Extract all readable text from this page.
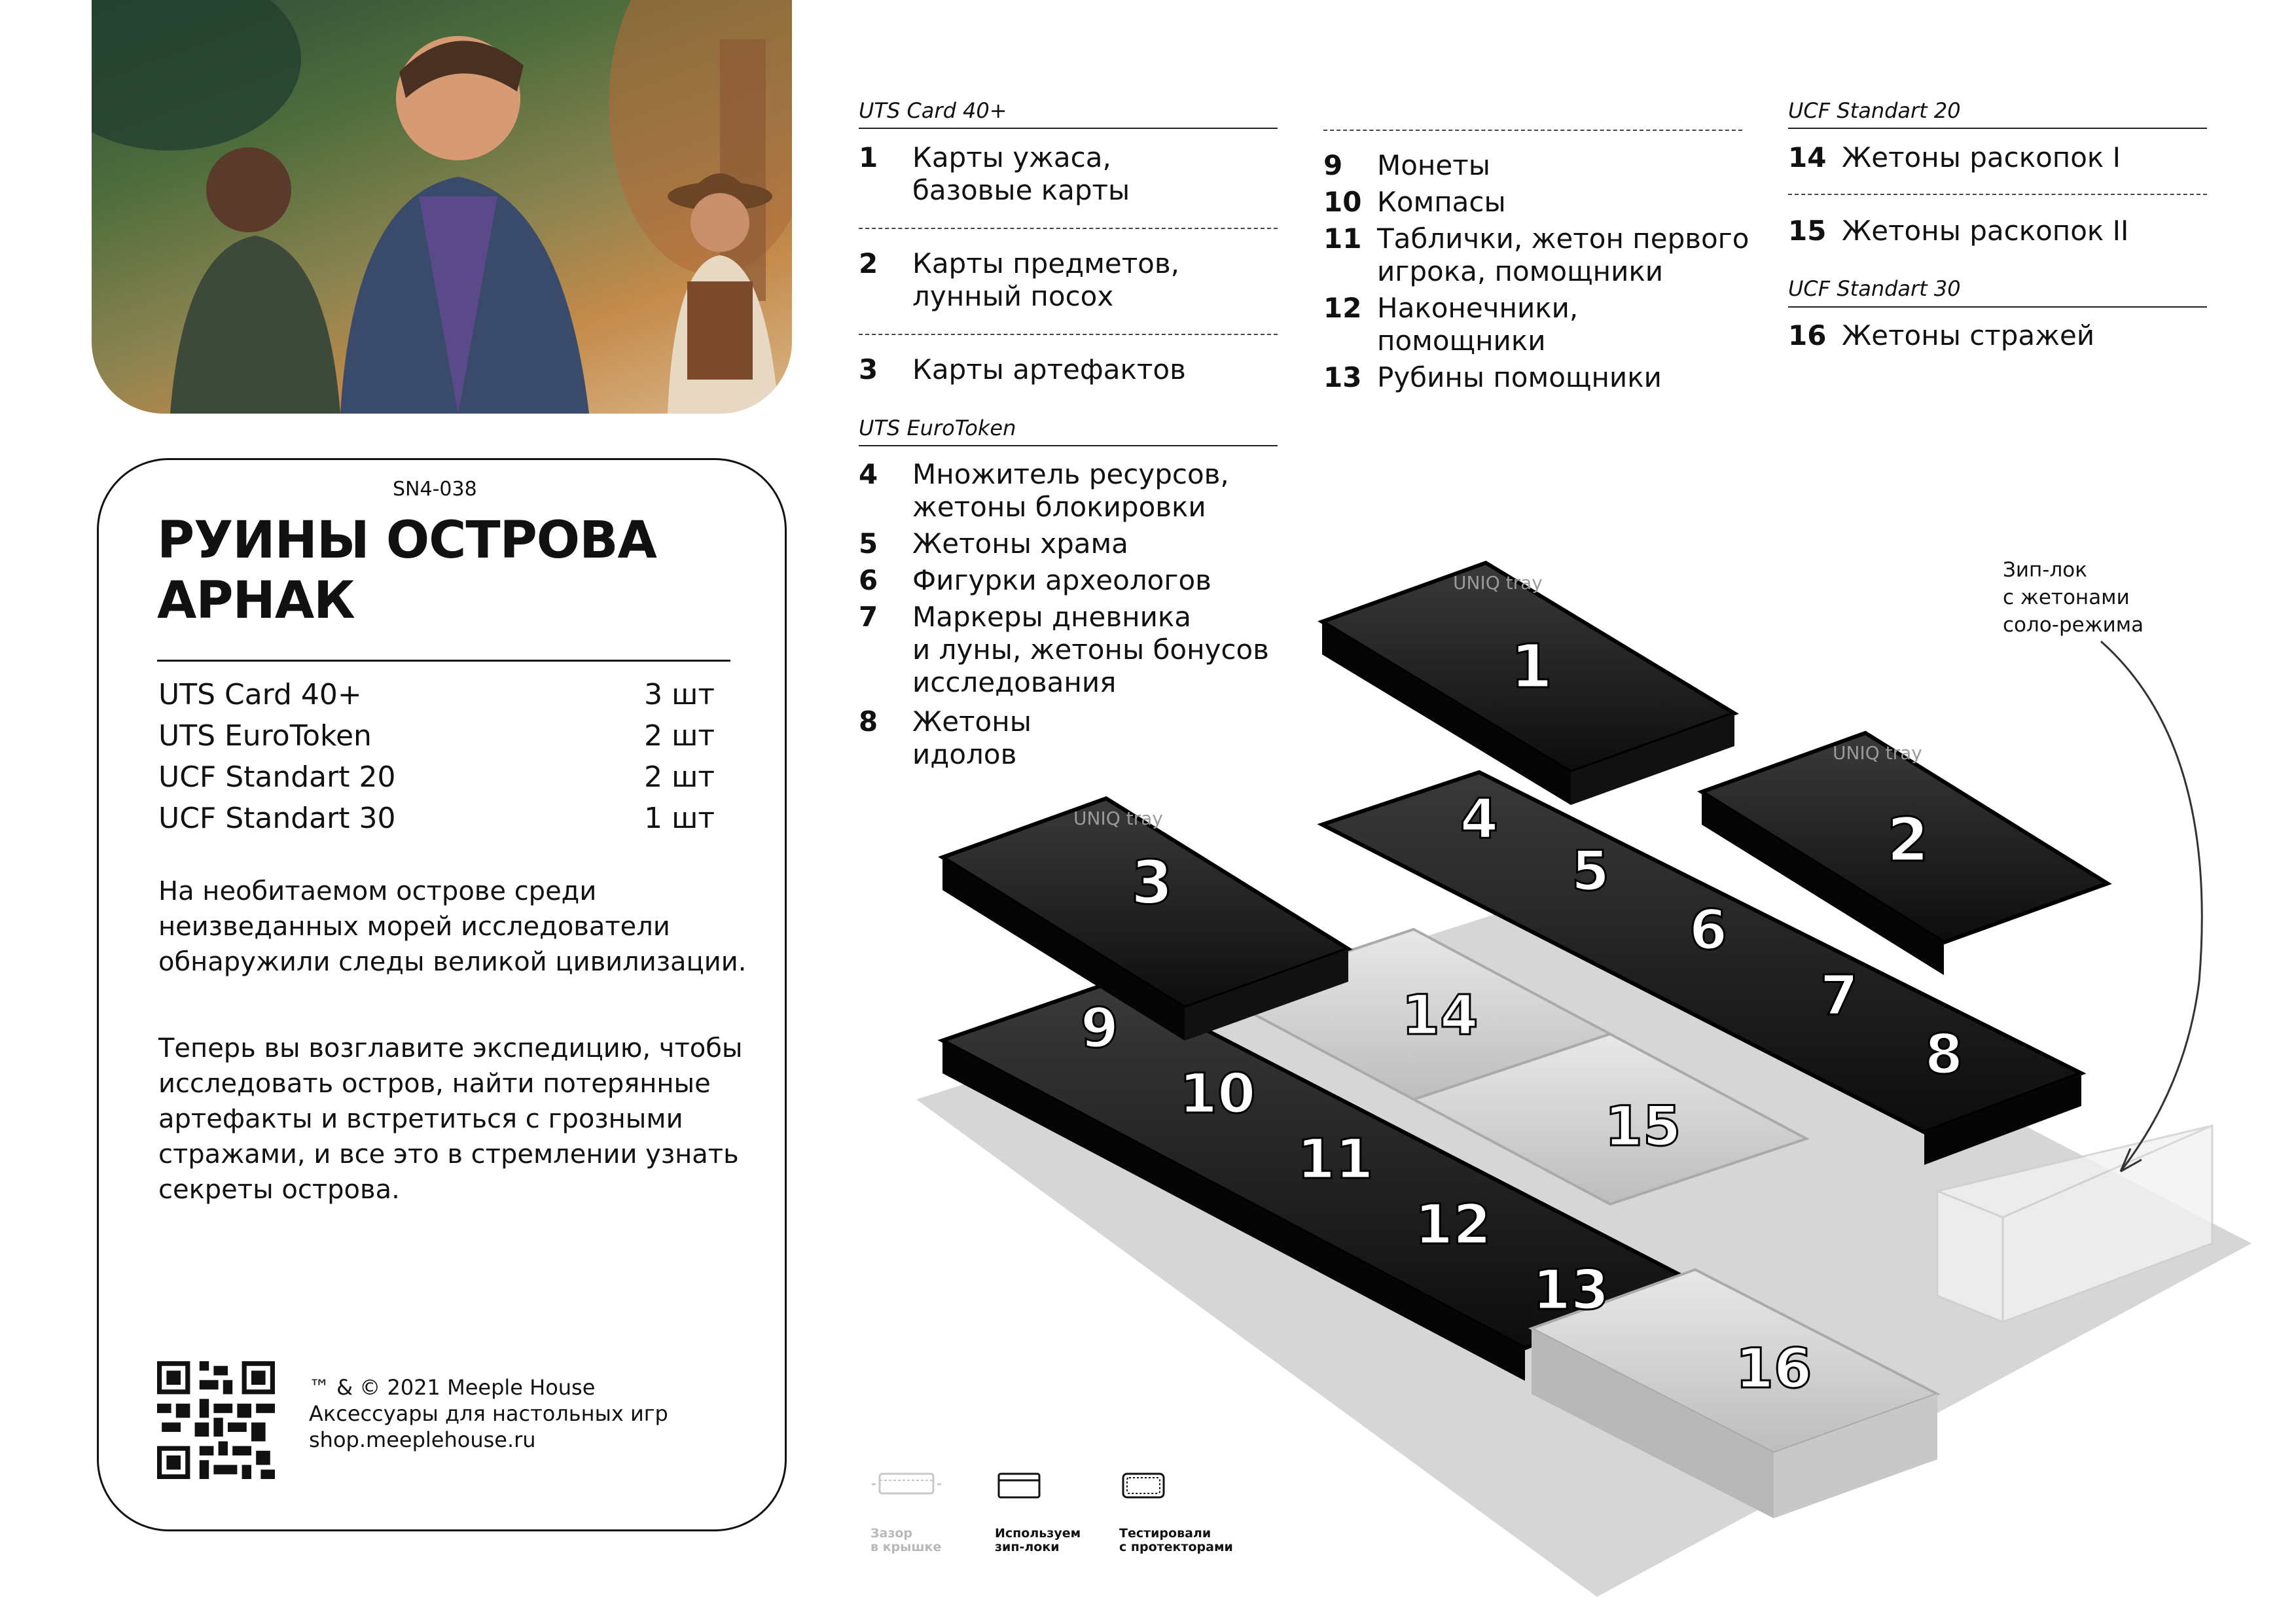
SN4-038
РУИНЫ ОСТРОВА АРНАК
UTS Card 40+	3 шт
UTS EuroToken	2 шт
UCF Standart 20	2 шт
UCF Standart 30	1 шт
На необитаемом острове среди неизведанных морей исследователи обнаружили следы великой цивилизации.
Теперь вы возглавите экспедицию, чтобы исследовать остров, найти потерянные артефакты и встретиться с грозными стражами, и все это в стремлении узнать секреты острова.
™ & © 2021 Meeple House
Аксессуары для настольных игр
shop.meeplehouse.ru
UTS Card 40+
1	Карты ужаса,
базовые карты
2	Карты предметов,
лунный посох
3	Карты артефактов
UTS EuroToken
4	Множитель ресурсов,
жетоны блокировки
5	Жетоны храма
6	Фигурки археологов
7	Маркеры дневника
и луны, жетоны бонусов
исследования
8	Жетоны
идолов
9	Монеты
10 Компасы
11 Таблички, жетон первого
игрока, помощники
12 Наконечники,
помощники
13 Рубины помощники
UCF Standart 20
14 Жетоны раскопок I
15 Жетоны раскопок II
UCF Standart 30
16 Жетоны стражей
1
2
3
4
5
6
7
8
9
10
11
12
13
14
15
16
UNIQ tray
UNIQ tray
UNIQ tray
Зип-лок
с жетонами
соло-режима

Зазор
в крышке

Используем
зип-локи

Тестировали
с протекторами
